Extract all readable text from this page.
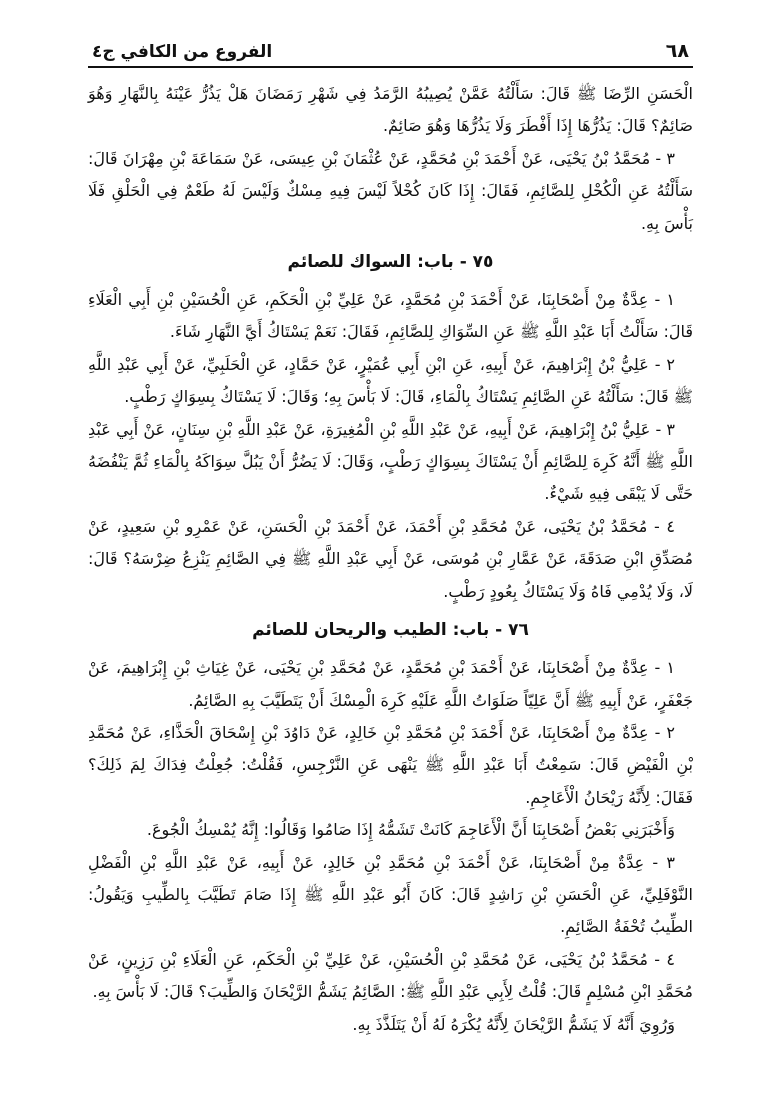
٦٨
الفروع من الكافي ج٤

الْحَسَنِ الرِّضَا ﷺ قَالَ: سَأَلْتُهُ عَمَّنْ يُصِيبُهُ الرَّمَدُ فِي شَهْرِ رَمَضَانَ هَلْ يَذُرُّ عَيْنَهُ بِالنَّهَارِ وَهُوَ صَائِمٌ؟ قَالَ: يَذُرُّهَا إِذَا أَفْطَرَ وَلَا يَذُرُّهَا وَهُوَ صَائِمٌ.

٣ - مُحَمَّدُ بْنُ يَحْيَى، عَنْ أَحْمَدَ بْنِ مُحَمَّدٍ، عَنْ عُثْمَانَ بْنِ عِيسَى، عَنْ سَمَاعَةَ بْنِ مِهْرَانَ قَالَ: سَأَلْتُهُ عَنِ الْكُحْلِ لِلصَّائِمِ، فَقَالَ: إِذَا كَانَ كُحْلاً لَيْسَ فِيهِ مِسْكٌ وَلَيْسَ لَهُ طَعْمٌ فِي الْحَلْقِ فَلَا بَأْسَ بِهِ.

٧٥ - باب: السواك للصائم

١ - عِدَّةٌ مِنْ أَصْحَابِنَا، عَنْ أَحْمَدَ بْنِ مُحَمَّدٍ، عَنْ عَلِيِّ بْنِ الْحَكَمِ، عَنِ الْحُسَيْنِ بْنِ أَبِي الْعَلَاءِ قَالَ: سَأَلْتُ أَبَا عَبْدِ اللَّهِ ﷺ عَنِ السِّوَاكِ لِلصَّائِمِ، فَقَالَ: نَعَمْ يَسْتَاكُ أَيَّ النَّهَارِ شَاءَ.

٢ - عَلِيُّ بْنُ إِبْرَاهِيمَ، عَنْ أَبِيهِ، عَنِ ابْنِ أَبِي عُمَيْرٍ، عَنْ حَمَّادٍ، عَنِ الْحَلَبِيِّ، عَنْ أَبِي عَبْدِ اللَّهِ ﷺ قَالَ: سَأَلْتُهُ عَنِ الصَّائِمِ يَسْتَاكُ بِالْمَاءِ، قَالَ: لَا بَأْسَ بِهِ؛ وَقَالَ: لَا يَسْتَاكُ بِسِوَاكٍ رَطْبٍ.

٣ - عَلِيُّ بْنُ إِبْرَاهِيمَ، عَنْ أَبِيهِ، عَنْ عَبْدِ اللَّهِ بْنِ الْمُغِيرَةِ، عَنْ عَبْدِ اللَّهِ بْنِ سِنَانٍ، عَنْ أَبِي عَبْدِ اللَّهِ ﷺ أَنَّهُ كَرِهَ لِلصَّائِمِ أَنْ يَسْتَاكَ بِسِوَاكٍ رَطْبٍ، وَقَالَ: لَا يَضُرُّ أَنْ يَبُلَّ سِوَاكَهُ بِالْمَاءِ ثُمَّ يَنْفُضَهُ حَتَّى لَا يَبْقَى فِيهِ شَيْءٌ.

٤ - مُحَمَّدُ بْنُ يَحْيَى، عَنْ مُحَمَّدِ بْنِ أَحْمَدَ، عَنْ أَحْمَدَ بْنِ الْحَسَنِ، عَنْ عَمْرِو بْنِ سَعِيدٍ، عَنْ مُصَدِّقِ ابْنِ صَدَقَةَ، عَنْ عَمَّارِ بْنِ مُوسَى، عَنْ أَبِي عَبْدِ اللَّهِ ﷺ فِي الصَّائِمِ يَنْزِعُ ضِرْسَهُ؟ قَالَ: لَا، وَلَا يُدْمِي فَاهُ وَلَا يَسْتَاكُ بِعُودٍ رَطْبٍ.

٧٦ - باب: الطيب والريحان للصائم

١ - عِدَّةٌ مِنْ أَصْحَابِنَا، عَنْ أَحْمَدَ بْنِ مُحَمَّدٍ، عَنْ مُحَمَّدِ بْنِ يَحْيَى، عَنْ غِيَاثِ بْنِ إِبْرَاهِيمَ، عَنْ جَعْفَرٍ، عَنْ أَبِيهِ ﷺ أَنَّ عَلِيّاً صَلَوَاتُ اللَّهِ عَلَيْهِ كَرِهَ الْمِسْكَ أَنْ يَتَطَيَّبَ بِهِ الصَّائِمُ.

٢ - عِدَّةٌ مِنْ أَصْحَابِنَا، عَنْ أَحْمَدَ بْنِ مُحَمَّدِ بْنِ خَالِدٍ، عَنْ دَاوُدَ بْنِ إِسْحَاقَ الْحَذَّاءِ، عَنْ مُحَمَّدِ بْنِ الْفَيْضِ قَالَ: سَمِعْتُ أَبَا عَبْدِ اللَّهِ ﷺ يَنْهَى عَنِ النَّرْجِسِ، فَقُلْتُ: جُعِلْتُ فِدَاكَ لِمَ ذَلِكَ؟ فَقَالَ: لِأَنَّهُ رَيْحَانُ الْأَعَاجِمِ.

وَأَخْبَرَنِي بَعْضُ أَصْحَابِنَا أَنَّ الْأَعَاجِمَ كَانَتْ تَشَمُّهُ إِذَا صَامُوا وَقَالُوا: إِنَّهُ يُمْسِكُ الْجُوعَ.

٣ - عِدَّةٌ مِنْ أَصْحَابِنَا، عَنْ أَحْمَدَ بْنِ مُحَمَّدِ بْنِ خَالِدٍ، عَنْ أَبِيهِ، عَنْ عَبْدِ اللَّهِ بْنِ الْفَضْلِ النَّوْفَلِيِّ، عَنِ الْحَسَنِ بْنِ رَاشِدٍ قَالَ: كَانَ أَبُو عَبْدِ اللَّهِ ﷺ إِذَا صَامَ تَطَيَّبَ بِالطِّيبِ وَيَقُولُ: الطِّيبُ تُحْفَةُ الصَّائِمِ.

٤ - مُحَمَّدُ بْنُ يَحْيَى، عَنْ مُحَمَّدِ بْنِ الْحُسَيْنِ، عَنْ عَلِيِّ بْنِ الْحَكَمِ، عَنِ الْعَلَاءِ بْنِ رَزِينٍ، عَنْ مُحَمَّدِ ابْنِ مُسْلِمٍ قَالَ: قُلْتُ لِأَبِي عَبْدِ اللَّهِ ﷺ: الصَّائِمُ يَشَمُّ الرَّيْحَانَ وَالطِّيبَ؟ قَالَ: لَا بَأْسَ بِهِ.

وَرُوِيَ أَنَّهُ لَا يَشَمُّ الرَّيْحَانَ لِأَنَّهُ يُكْرَهُ لَهُ أَنْ يَتَلَذَّذَ بِهِ.
